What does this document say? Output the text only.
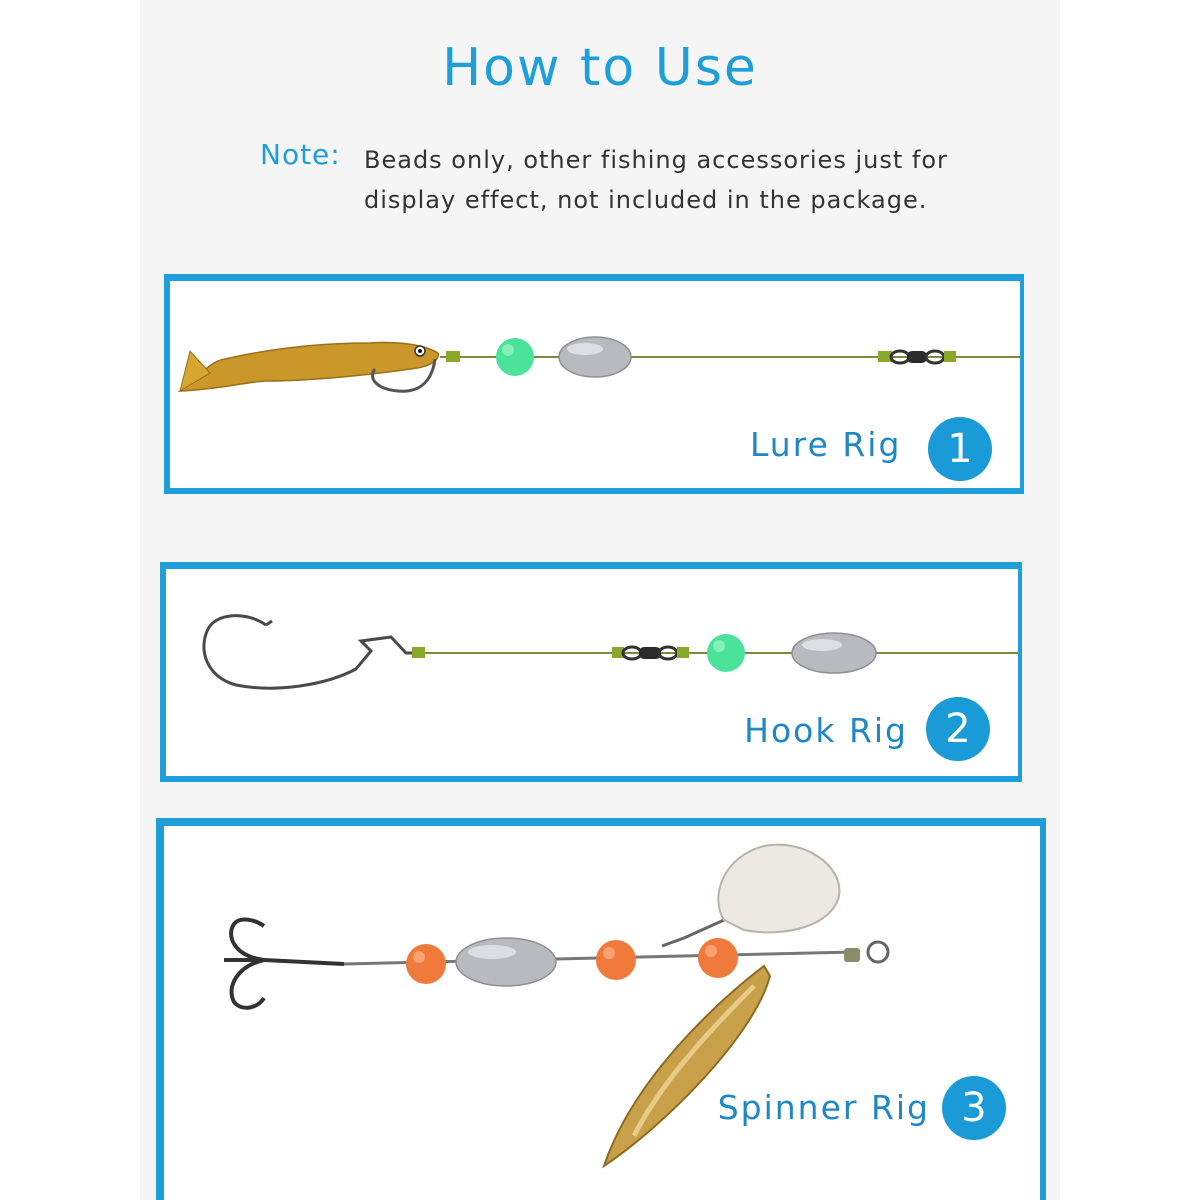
How to Use
Note: Beads only, other fishing accessories just for display effect, not included in the package.
Lure Rig	1
Hook Rig 2
Spinner Rig 3
